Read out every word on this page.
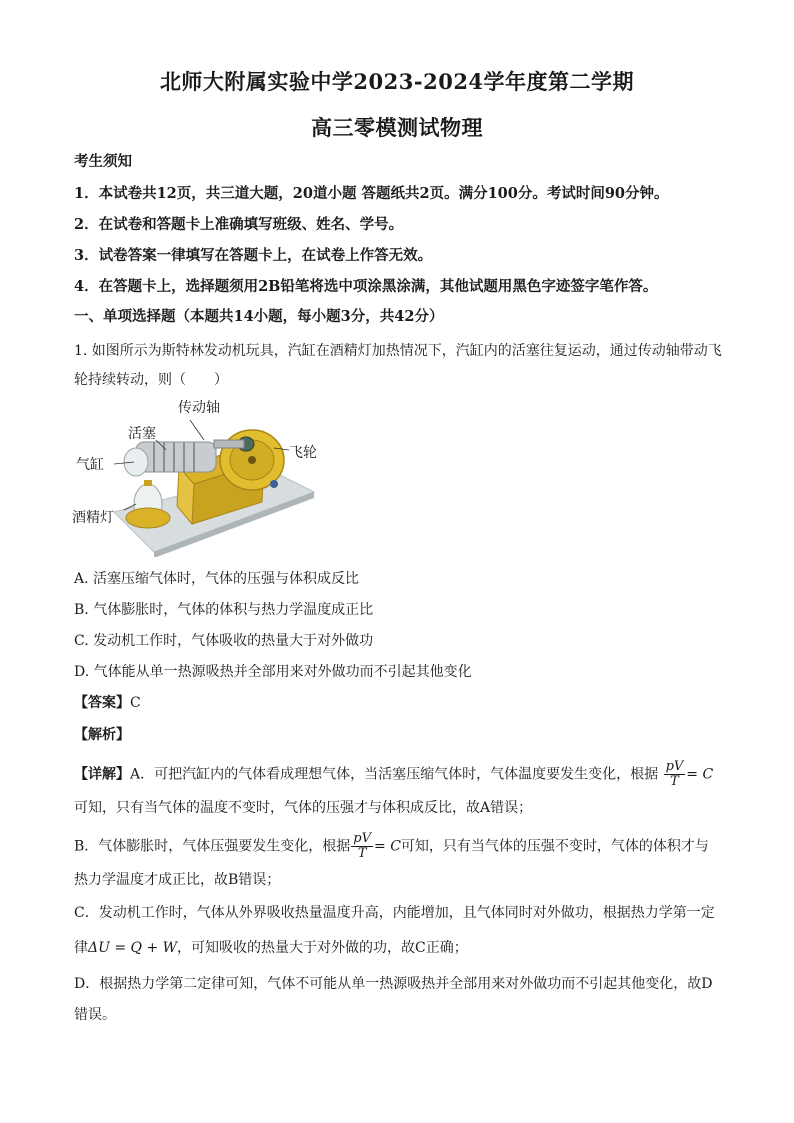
北师大附属实验中学2023-2024学年度第二学期
高三零模测试物理
考生须知
1．本试卷共12页，共三道大题，20道小题 答题纸共2页。满分100分。考试时间90分钟。
2．在试卷和答题卡上准确填写班级、姓名、学号。
3．试卷答案一律填写在答题卡上，在试卷上作答无效。
4．在答题卡上，选择题须用2B铅笔将选中项涂黑涂满，其他试题用黑色字迹签字笔作答。
一、单项选择题（本题共14小题，每小题3分，共42分）
1. 如图所示为斯特林发动机玩具，汽缸在酒精灯加热情况下，汽缸内的活塞往复运动，通过传动轴带动飞
轮持续转动，则（　　）
传动轴
活塞
飞轮
气缸
酒精灯
A. 活塞压缩气体时，气体的压强与体积成反比
B. 气体膨胀时，气体的体积与热力学温度成正比
C. 发动机工作时，气体吸收的热量大于对外做功
D. 气体能从单一热源吸热并全部用来对外做功而不引起其他变化
【答案】C
【解析】
【详解】A．可把汽缸内的气体看成理想气体，当活塞压缩气体时，气体温度要发生变化，根据 $\frac{pV}{T} = C$
可知，只有当气体的温度不变时，气体的压强才与体积成反比，故A错误；
B．气体膨胀时，气体压强要发生变化，根据 $\frac{pV}{T} = C$可知，只有当气体的压强不变时，气体的体积才与
热力学温度才成正比，故B错误；
C．发动机工作时，气体从外界吸收热量温度升高，内能增加，且气体同时对外做功，根据热力学第一定
律ΔU = Q + W，可知吸收的热量大于对外做的功，故C正确；
D．根据热力学第二定律可知，气体不可能从单一热源吸热并全部用来对外做功而不引起其他变化，故D
错误。
